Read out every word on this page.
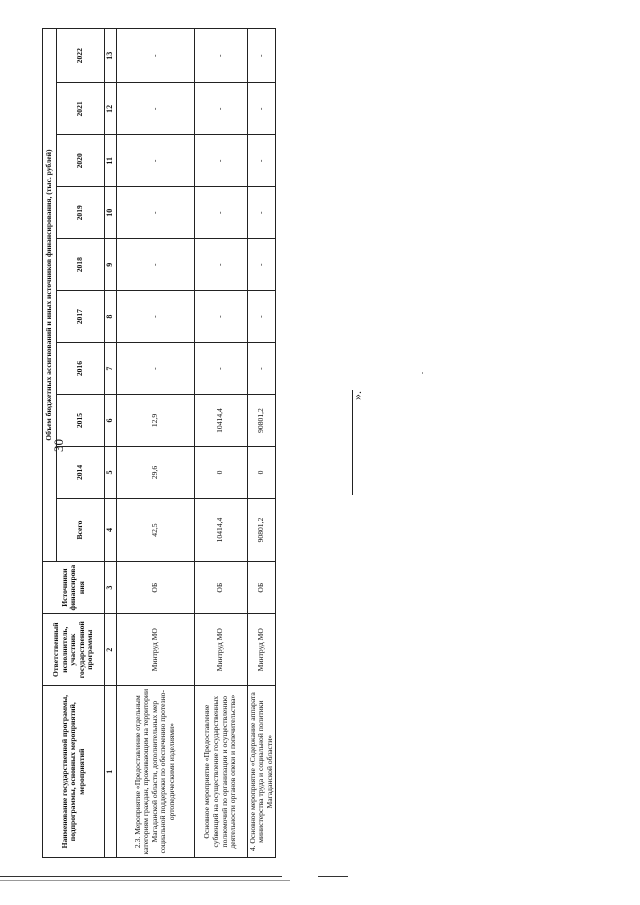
30
Наименование государственной программы, подпрограммы, основных мероприятий, мероприятий	Ответственный исполнитель, участник государственной программы	Источники финансирования	Объем бюджетных ассигнований и иных источников финансирования, (тыс. рублей)									
			Всего	2014	2015	2016	2017	2018	2019	2020	2021	2022
1	2	3	4	5	6	7	8	9	10	11	12	13
2.3. Мероприятие «Предоставление отдельным категориям граждан, проживающим на территории Магаданской области, дополнительных мер социальной поддержки по обеспечению протезно-ортопедическими изделиями»	Минтруд МО	ОБ	42,5	29,6	12,9	-	-	-	-	-	-	-
Основное мероприятие «Предоставление субвенций на осуществление государственных полномочий по организации и осуществлению деятельности органов опеки и попечительства»	Минтруд МО	ОБ	10414,4	0	10414,4	-	-	-	-	-	-	-
4. Основное мероприятие «Содержание аппарата министерства труда и социальной политики Магаданской области»	Минтруд МО	ОБ	90801,2	0	90801,2	-	-	-	-	-	-	-
».
